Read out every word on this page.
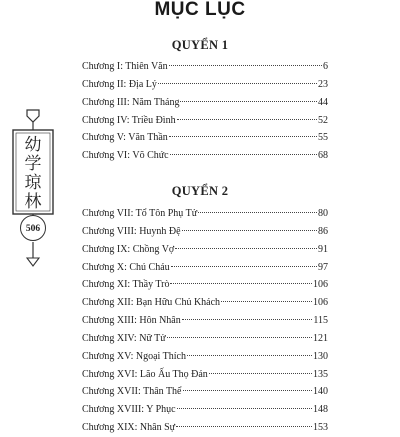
MỤC LỤC
QUYỂN 1
Chương I: Thiên Văn	6
Chương II: Địa Lý	23
Chương III: Năm Tháng	44
Chương IV: Triều Đình	52
Chương V: Văn Thần	55
Chương VI: Võ Chức	68
QUYỂN 2
Chương VII: Tổ Tôn Phụ Tử	80
Chương VIII: Huynh Đệ	86
Chương IX: Chồng Vợ	91
Chương X: Chú Cháu	97
Chương XI: Thầy Trò	106
Chương XII: Bạn Hữu Chủ Khách	106
Chương XIII: Hôn Nhân	115
Chương XIV: Nữ Tử	121
Chương XV: Ngoại Thích	130
Chương XVI: Lão Ấu Thọ Đản	135
Chương XVII: Thân Thể	140
Chương XVIII: Y Phục	148
Chương XIX: Nhân Sự	153
幼
学
琼
林
506
